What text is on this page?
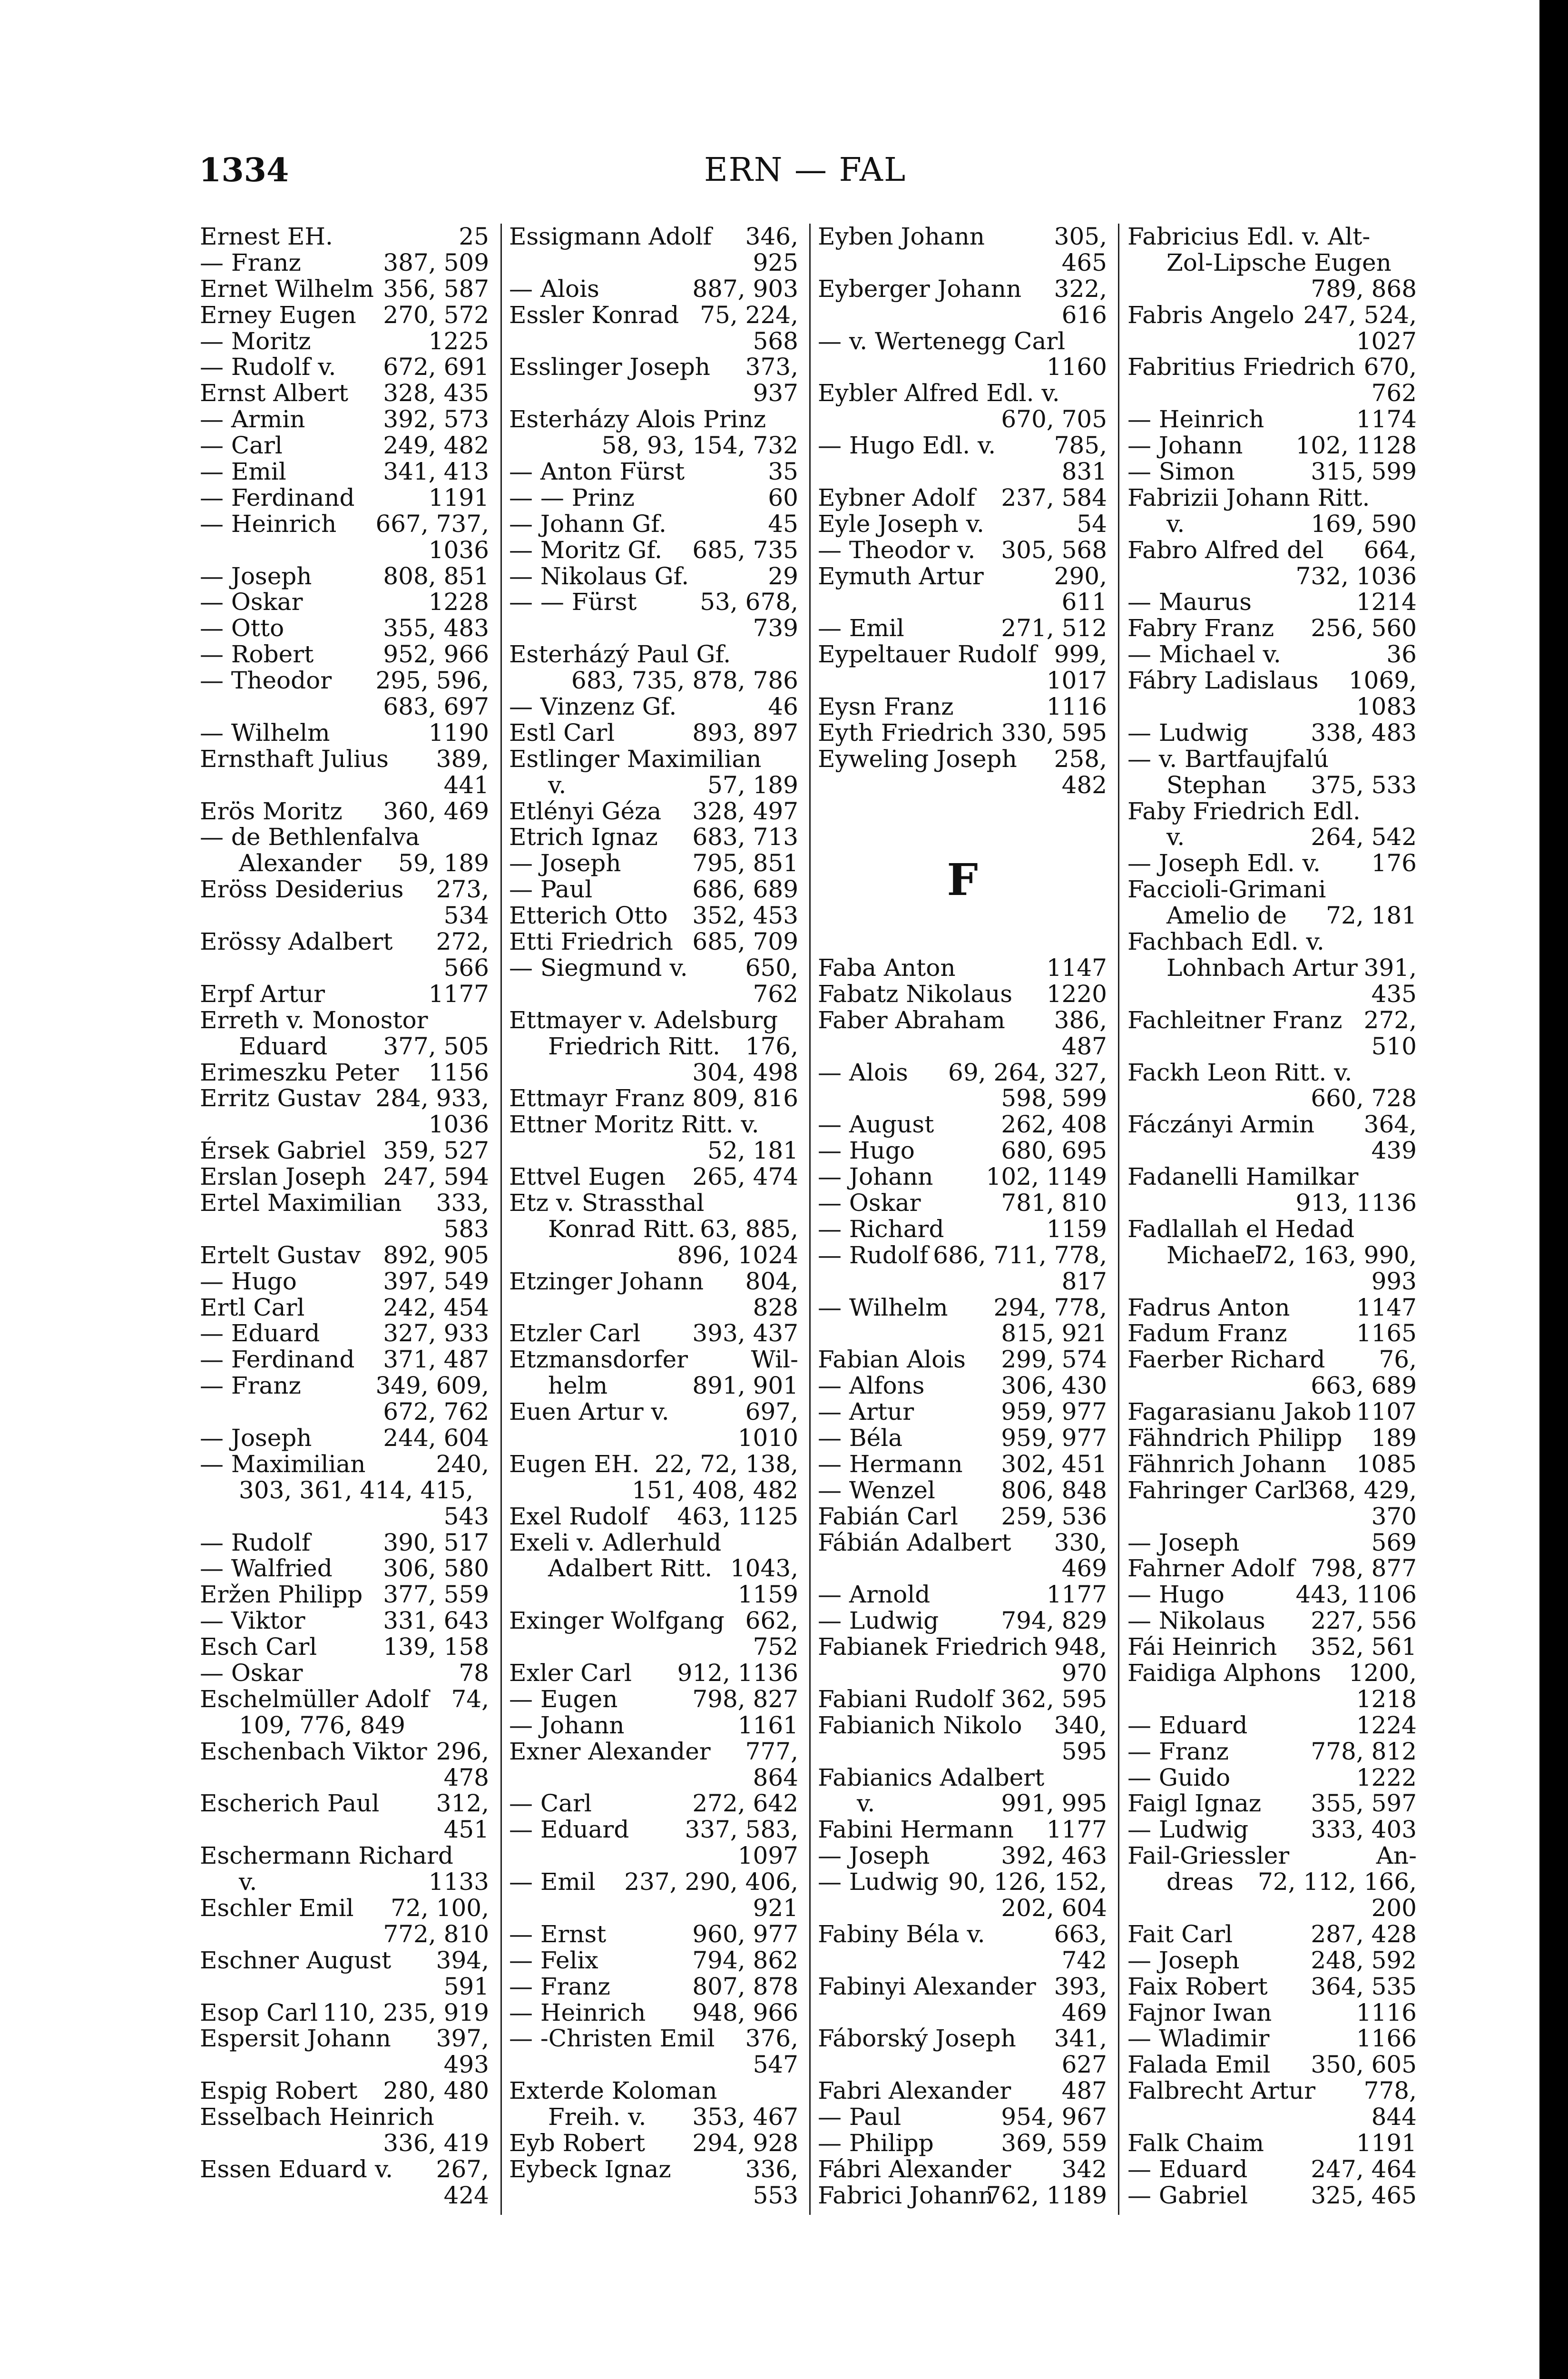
1334	ERN — FAL
Ernest EH.	25
— Franz	387, 509
Ernet Wilhelm 356, 587
Erney Eugen 270, 572
— Moritz	1225
— Rudolf v. 672, 691
Ernst Albert 328, 435
— Armin	392, 573
— Carl	249, 482
— Emil	341, 413
— Ferdinand	1191
— Heinrich 667, 737,
1036
— Joseph	808, 851
— Oskar	1228
— Otto	355, 483
— Robert	952, 966
— Theodor 295, 596,
683, 697
— Wilhelm	1190
Ernsthaft Julius 389,
441
Erös Moritz 360, 469
— de Bethlenfalva
Alexander 59, 189
Eröss Desiderius 273,
534
Erössy Adalbert 272,
566
Erpf Artur	1177
Erreth v. Monostor
Eduard 377, 505
Erimeszku Peter 1156
Erritz Gustav 284, 933,
1036
Érsek Gabriel 359, 527
Erslan Joseph 247, 594
Ertel Maximilian 333,
583
Ertelt Gustav 892, 905
— Hugo	397, 549
Ertl Carl	242, 454
— Eduard	327, 933
— Ferdinand 371, 487
— Franz	349, 609,
672, 762
— Joseph	244, 604
— Maximilian	240,
303, 361, 414, 415,
543
— Rudolf	390, 517
— Walfried 306, 580
Eržen Philipp 377, 559
— Viktor	331, 643
Esch Carl	139, 158
— Oskar	78
Eschelmüller Adolf 74,
109, 776, 849
Eschenbach Viktor 296,
478
Escherich Paul 312,
451
Eschermann Richard
v.	1133
Eschler Emil 72, 100,
772, 810
Eschner August 394,
591
Esop Carl 110, 235, 919
Espersit Johann 397,
493
Espig Robert 280, 480
Esselbach Heinrich
336, 419
Essen Eduard v. 267,
424
Essigmann Adolf 346,
925
— Alois	887, 903
Essler Konrad 75, 224,
568
Esslinger Joseph 373,
937
Esterházy Alois Prinz
58, 93, 154, 732
— Anton Fürst	35
— — Prinz	60
— Johann Gf.	45
— Moritz Gf. 685, 735
— Nikolaus Gf.	29
— — Fürst	53, 678,
739
Esterházý Paul Gf.
683, 735, 878, 786
— Vinzenz Gf.	46
Estl Carl	893, 897
Estlinger Maximilian
v.	57, 189
Etlényi Géza 328, 497
Etrich Ignaz 683, 713
— Joseph	795, 851
— Paul	686, 689
Etterich Otto 352, 453
Etti Friedrich 685, 709
— Siegmund v. 650,
762
Ettmayer v. Adelsburg
Friedrich Ritt. 176,
304, 498
Ettmayr Franz 809, 816
Ettner Moritz Ritt. v.
52, 181
Ettvel Eugen 265, 474
Etz v. Strassthal
Konrad Ritt. 63, 885,
896, 1024
Etzinger Johann 804,
828
Etzler Carl 393, 437
Etzmansdorfer	Wil-
helm	891, 901
Euen Artur v.	697,
1010
Eugen EH. 22, 72, 138,
151, 408, 482
Exel Rudolf 463, 1125
Exeli v. Adlerhuld
Adalbert Ritt. 1043,
1159
Exinger Wolfgang 662,
752
Exler Carl 912, 1136
— Eugen	798, 827
— Johann	1161
Exner Alexander 777,
864
— Carl	272, 642
— Eduard 337, 583,
1097
— Emil 237, 290, 406,
921
— Ernst	960, 977
— Felix	794, 862
— Franz	807, 878
— Heinrich 948, 966
— -Christen Emil 376,
547
Exterde Koloman
Freih. v. 353, 467
Eyb Robert 294, 928
Eybeck Ignaz	336,
553
Eyben Johann	305,
465
Eyberger Johann 322,
616
— v. Wertenegg Carl
1160
Eybler Alfred Edl. v.
670, 705
— Hugo Edl. v. 785,
831
Eybner Adolf 237, 584
Eyle Joseph v.	54
— Theodor v. 305, 568
Eymuth Artur	290,
611
— Emil	271, 512
Eypeltauer Rudolf 999,
1017
Eysn Franz	1116
Eyth Friedrich 330, 595
Eyweling Joseph 258,
482
F
Faba Anton	1147
Fabatz Nikolaus 1220
Faber Abraham 386,
487
— Alois 69, 264, 327,
598, 599
— August	262, 408
— Hugo	680, 695
— Johann 102, 1149
— Oskar	781, 810
— Richard	1159
— Rudolf 686, 711, 778,
817
— Wilhelm 294, 778,
815, 921
Fabian Alois 299, 574
— Alfons	306, 430
— Artur	959, 977
— Béla	959, 977
— Hermann 302, 451
— Wenzel	806, 848
Fabián Carl 259, 536
Fábián Adalbert 330,
469
— Arnold	1177
— Ludwig	794, 829
Fabianek Friedrich 948,
970
Fabiani Rudolf 362, 595
Fabianich Nikolo 340,
595
Fabianics Adalbert
v.	991, 995
Fabini Hermann 1177
— Joseph	392, 463
— Ludwig 90, 126, 152,
202, 604
Fabiny Béla v.	663,
742
Fabinyi Alexander 393,
469
Fáborský Joseph 341,
627
Fabri Alexander 487
— Paul	954, 967
— Philipp	369, 559
Fábri Alexander 342
Fabrici Johann
762, 1189
Fabricius Edl. v. Alt-
Zol-Lipsche Eugen
789, 868
Fabris Angelo 247, 524,
1027
Fabritius Friedrich 670,
762
— Heinrich	1174
— Johann 102, 1128
— Simon	315, 599
Fabrizii Johann Ritt.
v.	169, 590
Fabro Alfred del 664,
732, 1036
— Maurus	1214
Fabry Franz 256, 560
— Michael v.	36
Fábry Ladislaus 1069,
1083
— Ludwig	338, 483
— v. Bartfaujfalú
Stephan 375, 533
Faby Friedrich Edl.
v.	264, 542
— Joseph Edl. v. 176
Faccioli-Grimani
Amelio de 72, 181
Fachbach Edl. v.
Lohnbach Artur 391,
435
Fachleitner Franz 272,
510
Fackh Leon Ritt. v.
660, 728
Fáczányi Armin 364,
439
Fadanelli Hamilkar
913, 1136
Fadlallah el Hedad
Michael
72, 163, 990,
993
Fadrus Anton	1147
Fadum Franz	1165
Faerber Richard 76,
663, 689
Fagarasianu Jakob 1107
Fähndrich Philipp 189
Fähnrich Johann 1085
Fahringer Carl
368, 429,
370
— Joseph	569
Fahrner Adolf 798, 877
— Hugo	443, 1106
— Nikolaus 227, 556
Fái Heinrich 352, 561
Faidiga Alphons 1200,
1218
— Eduard	1224
— Franz	778, 812
— Guido	1222
Faigl Ignaz 355, 597
— Ludwig	333, 403
Fail-Griessler	An-
dreas 72, 112, 166,
200
Fait Carl	287, 428
— Joseph	248, 592
Faix Robert 364, 535
Fajnor Iwan	1116
— Wladimir	1166
Falada Emil 350, 605
Falbrecht Artur 778,
844
Falk Chaim	1191
— Eduard	247, 464
— Gabriel	325, 465
